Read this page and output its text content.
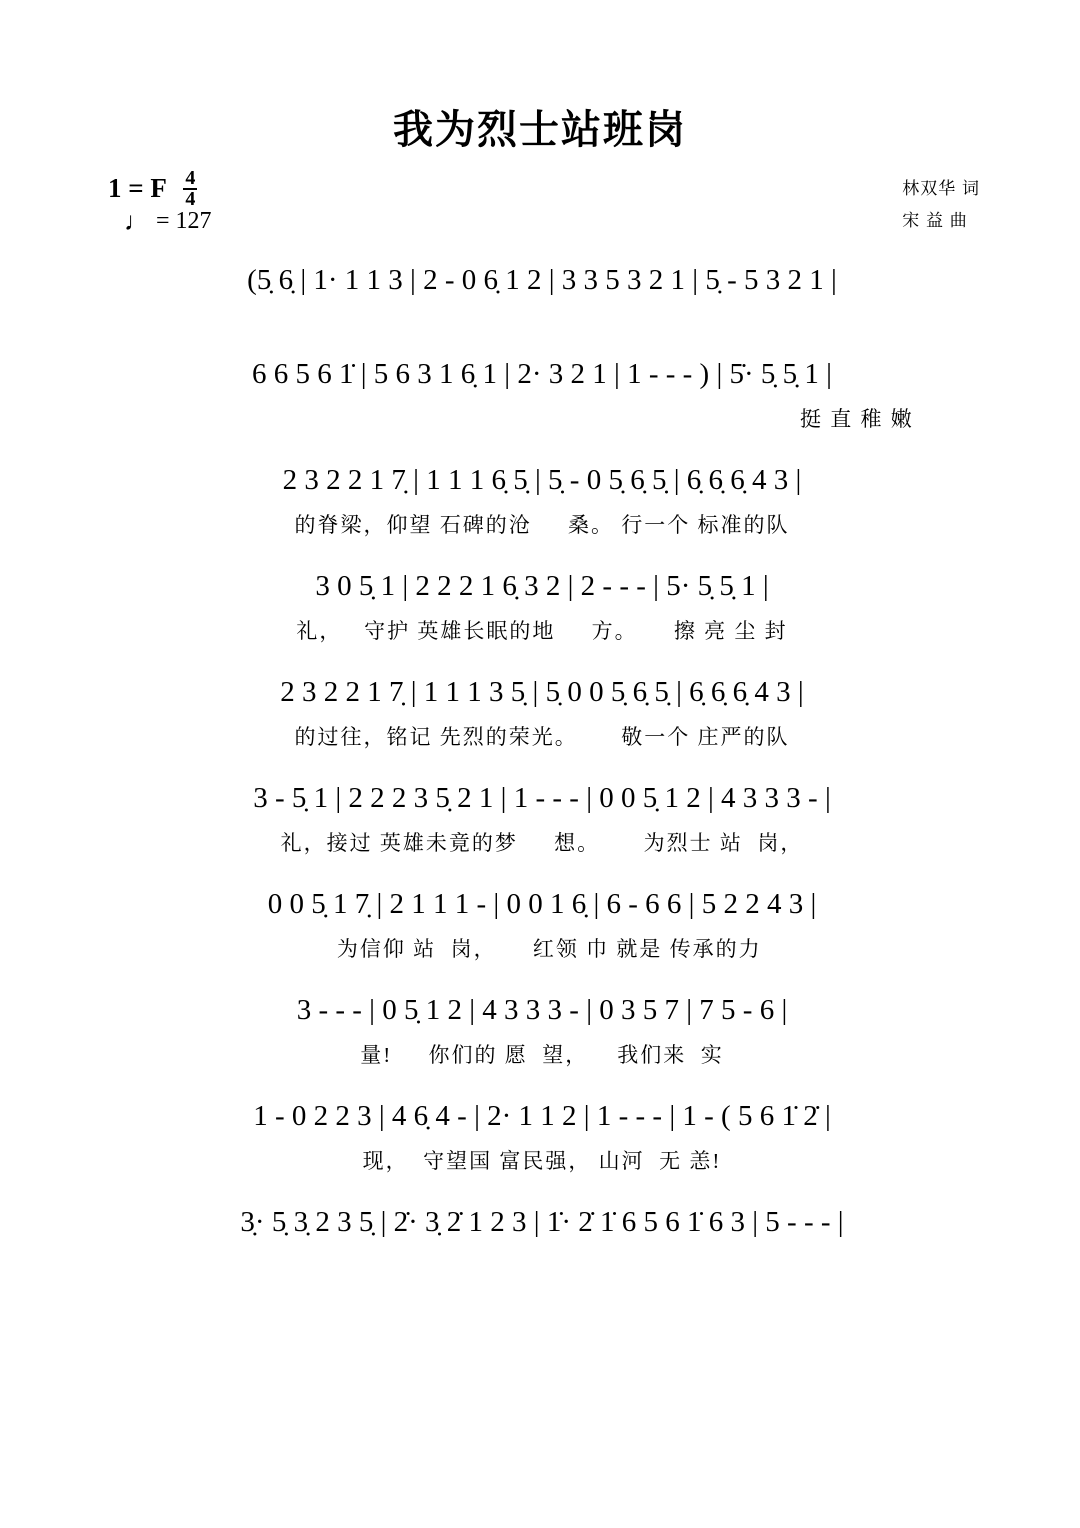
我为烈士站班岗
1 = F $\frac{4}{4}$
♩ = 127
林双华 词
宋 益 曲
(5̣ 6̣ | 1· 1 1 3 | 2 - 0 6̣ 1 2 | 3 3 5 3 2 1 | 5̣ - 5 3 2 1 |
6 6 5 6 1̇ | 5 6 3 1 6̣ 1 | 2· 3 2 1 | 1 - - - ) | 5̇· 5̣ 5̣ 1 |
挺 直 稚 嫩
2 3 2 2 1 7̣ | 1 1 1 6̣ 5̣ | 5̣ - 0 5̣ 6̣ 5̣ | 6̣ 6̣ 6̣ 4 3 |
的脊梁，仰望 石碑的沧     桑。 行一个 标准的队
3 0 5̣ 1 | 2 2 2 1 6̣ 3 2 | 2 - - - | 5· 5̣ 5̣ 1 |
礼，   守护 英雄长眠的地     方。     擦 亮 尘 封
2 3 2 2 1 7̣ | 1 1 1 3 5̣ | 5̣ 0 0 5̣ 6̣ 5̣ | 6̣ 6̣ 6̣ 4 3 |
的过往，铭记 先烈的荣光。      敬一个 庄严的队
3 - 5̣ 1 | 2 2 2 3 5̣ 2 1 | 1 - - - | 0 0 5̣ 1 2 | 4 3 3 3 - |
礼，接过 英雄未竟的梦     想。      为烈士 站  岗，
0 0 5̣ 1 7̣ | 2 1 1 1 - | 0 0 1 6̣ | 6 - 6 6 | 5 2 2 4 3 |
为信仰 站  岗，     红领 巾 就是 传承的力
3 - - - | 0 5̣ 1 2 | 4 3 3 3 - | 0 3 5 7 | 7 5 - 6 |
量!     你们的 愿  望，    我们来  实
1 - 0 2 2 3 | 4 6̣ 4 - | 2· 1 1 2 | 1 - - - | 1 - ( 5 6 1̇ 2̇ |
现，  守望国 富民强， 山河  无 恙!
3̣· 5̣ 3̣ 2 3 5̣ | 2̇· 3̣ 2̇ 1 2 3 | 1̇· 2̇ 1̇ 6 5 6 1̇ 6 3 | 5 - - - |
